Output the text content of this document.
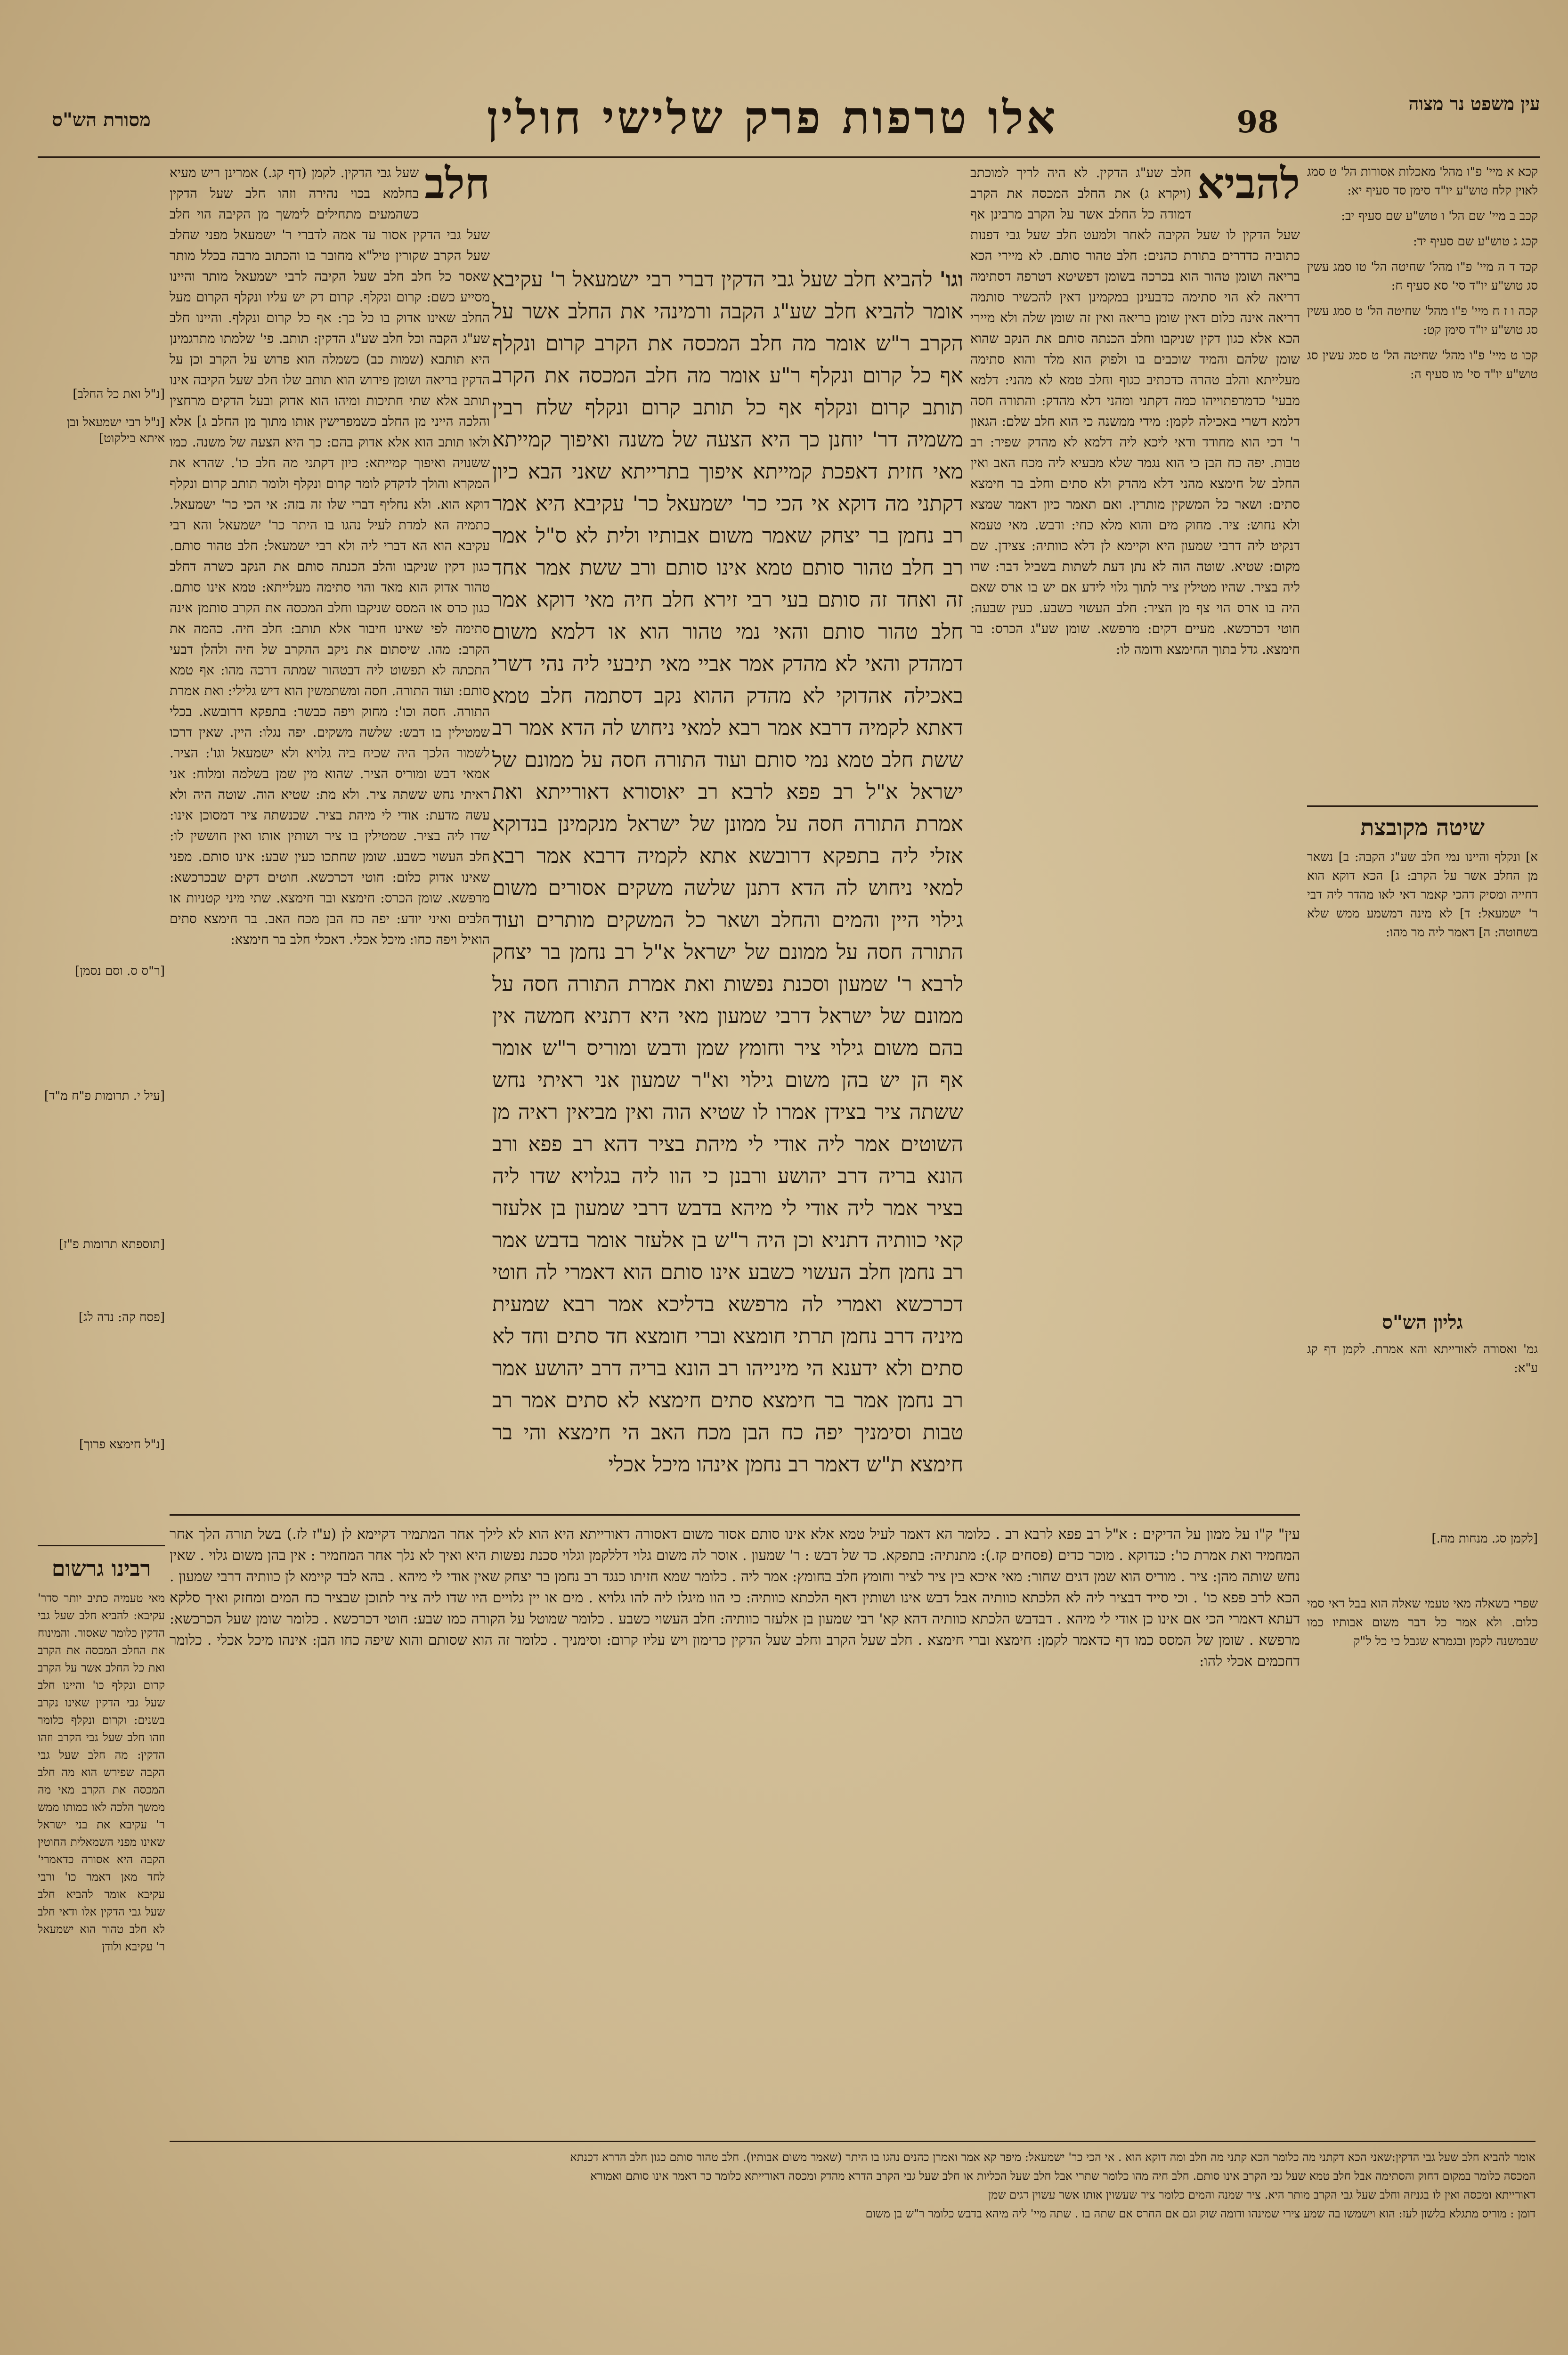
98
אלו טרפות פרק שלישי חולין
מסורת הש"ס
עין משפט נר מצוה
קכא א מיי' פ"ו מהל' מאכלות אסורות הל' ט סמג לאוין קלח טוש"ע יו"ד סימן סד סעיף יא:
קכב ב מיי' שם הל' ו טוש"ע שם סעיף יב:
קכג ג טוש"ע שם סעיף יד:
קכד ד ה מיי' פ"ו מהל' שחיטה הל' טו סמג עשין סג טוש"ע יו"ד סי' סא סעיף ח:
קכה ו ז ח מיי' פ"ו מהל' שחיטה הל' ט סמג עשין סג טוש"ע יו"ד סימן קט:
קכו ט מיי' פ"ו מהל' שחיטה הל' ט סמג עשין סג טוש"ע יו"ד סי' מו סעיף ה:
שיטה מקובצת
א] ונקלף והיינו נמי חלב שע"ג הקבה: ב] נשאר מן החלב אשר על הקרב: ג] הכא דוקא הוא דחייה ומסיק דהכי קאמר דאי לאו מהדר ליה דבי ר' ישמעאל: ד] לא מינה דמשמע ממש שלא בשחוטה: ה] דאמר ליה מר מהו:
גליון הש"ס
גמ' ואסורה לאורייתא והא אמרת. לקמן דף קג ע"א:
שפרי בשאלה מאי טעמי שאלה הוא בבל דאי סמי כלום. ולא אמר כל דבר משום אבותיו כמו שבמשנה לקמן ובגמרא שגבל כי כל ל"ק
להביא
חלב שע"ג הדקין. לא היה לריך למוכתב (ויקרא ג) את החלב המכסה את הקרב דמודה כל החלב אשר על הקרב מרבינן אף שעל הדקין לו שעל הקיבה לאחר ולמעט חלב שעל גבי דפנות כתוביה כדדרים בתורת כהנים: חלב טהור סותם. לא מיירי הכא בריאה ושומן טהור הוא בכרכה בשומן דפשיטא דטרפה דסתימה דריאה לא הוי סתימה כדבעינן במקמינן דאין להכשיר סותמה דריאה אינה כלום דאין שומן בריאה ואין זה שומן שלה ולא מיירי הכא אלא כגון דקין שניקבו וחלב הכנתה סותם את הנקב שהוא שומן שלהם והמיד שוכבים בו ולפוק הוא מלד והוא סתימה מעלייתא והלב טהרה כדכתיב כגוף וחלב טמא לא מהני: דלמא מבעי' כדמרפתוייהו כמה דקתני ומהני דלא מהדק: והתורה חסה דלמא דשרי באכילה לקמן: מידי ממשנה כי הוא חלב שלם: הגאון ר' דכי הוא מחודד ודאי ליכא ליה דלמא לא מהדק שפיר: רב טבות. יפה כח הבן כי הוא נגמר שלא מבעיא ליה מכח האב ואין החלב של חימצא מהני דלא מהדק ולא סתים וחלב בר חימצא סתים: ושאר כל המשקין מותרין. ואם תאמר כיון דאמר שמצא ולא נחוש: ציר. מחוק מים והוא מלא כחי: ודבש. מאי טעמא דנקיט ליה דרבי שמעון היא וקיימא לן דלא כוותיה: צצידן. שם מקום: שטיא. שוטה הוה לא נתן דעת לשתות בשביל דבר: שדו ליה בציר. שהיו מטילין ציר לתוך גלוי לידע אם יש בו ארס שאם היה בו ארס הוי צף מן הציר: חלב העשוי כשבע. כעין שבעה: חוטי דכרכשא. מעיים דקים: מרפשא. שומן שע"ג הכרס: בר חימצא. גדל בתוך החימצא ודומה לו:
וגו' להביא חלב שעל גבי הדקין דברי רבי ישמעאל ר' עקיבא אומר להביא חלב שע"ג הקבה ורמינהי את החלב אשר על הקרב ר"ש אומר מה חלב המכסה את הקרב קרום ונקלף אף כל קרום ונקלף ר"ע אומר מה חלב המכסה את הקרב תותב קרום ונקלף אף כל תותב קרום ונקלף שלח רבין משמיה דר' יוחנן כך היא הצעה של משנה ואיפוך קמייתא מאי חזית דאפכת קמייתא איפוך בתרייתא שאני הבא כיון דקתני מה דוקא אי הכי כר' ישמעאל כר' עקיבא היא אמר רב נחמן בר יצחק שאמר משום אבותיו ולית לא ס"ל אמר רב חלב טהור סותם טמא אינו סותם ורב ששת אמר אחד זה ואחד זה סותם בעי רבי זירא חלב חיה מאי דוקא אמר חלב טהור סותם והאי נמי טהור הוא או דלמא משום דמהדק והאי לא מהדק אמר אביי מאי תיבעי ליה נהי דשרי באכילה אהדוקי לא מהדק ההוא נקב דסתמה חלב טמא דאתא לקמיה דרבא אמר רבא למאי ניחוש לה הדא אמר רב ששת חלב טמא נמי סותם ועוד התורה חסה על ממונם של ישראל א"ל רב פפא לרבא רב יאוסורא דאורייתא ואת אמרת התורה חסה על ממונן של ישראל מנקמינן בנדוקא אזלי ליה בתפקא דרובשא אתא לקמיה דרבא אמר רבא למאי ניחוש לה הדא דתנן שלשה משקים אסורים משום גילוי היין והמים והחלב ושאר כל המשקים מותרים ועוד התורה חסה על ממונם של ישראל א"ל רב נחמן בר יצחק לרבא ר' שמעון וסכנת נפשות ואת אמרת התורה חסה על ממונם של ישראל דרבי שמעון מאי היא דתניא חמשה אין בהם משום גילוי ציר וחומץ שמן ודבש ומוריס ר"ש אומר אף הן יש בהן משום גילוי וא"ר שמעון אני ראיתי נחש ששתה ציר בצידן אמרו לו שטיא הוה ואין מביאין ראיה מן השוטים אמר ליה אודי לי מיהת בציר דהא רב פפא ורב הונא בריה דרב יהושע ורבנן כי הוו ליה בגלויא שדו ליה בציר אמר ליה אודי לי מיהא בדבש דרבי שמעון בן אלעזר קאי כוותיה דתניא וכן היה ר"ש בן אלעזר אומר בדבש אמר רב נחמן חלב העשוי כשבע אינו סותם הוא דאמרי לה חוטי דכרכשא ואמרי לה מרפשא בדליכא אמר רבא שמעית מיניה דרב נחמן תרתי חומצא וברי חומצא חד סתים וחד לא סתים ולא ידענא הי מינייהו רב הונא בריה דרב יהושע אמר רב נחמן אמר בר חימצא סתים חימצא לא סתים אמר רב טבות וסימניך יפה כח הבן מכח האב הי חימצא והי בר חימצא ת"ש דאמר רב נחמן אינהו מיכל אכלי
חלב
שעל גבי הדקין. לקמן (דף קג.) אמרינן ריש מעיא בחלמא בכוי נהירה וזהו חלב שעל הדקין כשהמעים מתחילים לימשך מן הקיבה הוי חלב שעל גבי הדקין אסור עד אמה לדברי ר' ישמעאל מפני שחלב שעל הקרב שקורין טיל"א מחובר בו והכתוב מרבה בכלל מותר שאסר כל חלב חלב שעל הקיבה לרבי ישמעאל מותר והיינו מסייע כשם: קרום ונקלף. קרום דק יש עליו ונקלף הקרום מעל החלב שאינו אדוק בו כל כך: אף כל קרום ונקלף. והיינו חלב שע"ג הקבה וכל חלב שע"ג הדקין: תותב. פי' שלמתו מתרגמינן היא תותבא (שמות כב) כשמלה הוא פרוש על הקרב וכן על הדקין בריאה ושומן פירוש הוא תותב שלו חלב שעל הקיבה אינו תותב אלא שתי חתיכות ומיהו הוא אדוק ובעל הדקים מרחצין והלכה הייני מן החלב כשמפרישין אותו מתוך מן החלב ג] אלא ולאו תותב הוא אלא אדוק בהם: כך היא הצעה של משנה. כמו ששנויה ואיפוך קמייתא: כיון דקתני מה חלב כו'. שהרא את המקרא והולך לדקדק לומר קרום ונקלף ולומר תותב קרום ונקלף דוקא הוא. ולא נחליף דברי שלו זה בזה: אי הכי כר' ישמעאל. כתמיה הא למדת לעיל נהגו בו היתר כר' ישמעאל והא רבי עקיבא הוא הא דברי ליה ולא רבי ישמעאל: חלב טהור סותם. כגון דקין שניקבו והלב הכנתה סותם את הנקב כשרה דחלב טהור אדוק הוא מאד והוי סתימה מעלייתא: טמא אינו סותם. כגון כרס או המסס שניקבו וחלב המכסה את הקרב סותמן אינה סתימה לפי שאינו חיבור אלא תותב: חלב חיה. כהמה את הקרב: מהו. שיסתום את ניקב ההקרב של חיה ולהלן דבעי התכתה לא תפשוט ליה דבטהור שמתה דרכה מהו: אף טמא סותם: ועוד התורה. חסה ומשתמשין הוא דיש גלילי: ואת אמרת התורה. חסה וכו': מחוק ויפה כבשר: בתפקא דרובשא. בכלי שמטילין בו דבש: שלשה משקים. יפה נגלו: היין. שאין דרכו לשמור הלכך היה שכיח ביה גלויא ולא ישמעאל וגו': הציר. אמאי דבש ומוריס הציר. שהוא מין שמן בשלמה ומלוח: אני ראיתי נחש ששתה ציר. ולא מת: שטיא הוה. שוטה היה ולא עשה מדעת: אודי לי מיהת בציר. שכנשתה ציר דמסוכן אינו: שדו ליה בציר. שמטילין בו ציר ושותין אותו ואין חוששין לו: חלב העשוי כשבע. שומן שחתכו כעין שבע: אינו סותם. מפני שאינו אדוק כלום: חוטי דכרכשא. חוטים דקים שבכרכשא: מרפשא. שומן הכרס: חימצא ובר חימצא. שתי מיני קטניות או חלבים ואיני יודע: יפה כח הבן מכח האב. בר חימצא סתים הואיל ויפה כחו: מיכל אכלי. דאכלי חלב בר חימצא:
[נ"ל ואת כל החלב]
[נ"ל רבי ישמעאל ובן איתא בילקוט]
[ר"ס ס. וסם נסמן]
[עיל י. תרומות פ"ח מ"ד]
[תוספתא תרומות פ"ז]
[פסח קה: נדה לג]
[נ"ל חימצא פרוך]
[לקמן סג. מנחות מח.]
רבינו גרשום
מאי טעמיה כתיב יותר סדר' עקיבא: להביא חלב שעל גבי הדקין כלומר שאסור. והמינוח את החלב המכסה את הקרב ואת כל החלב אשר על הקרב קרום ונקלף כו' והיינו חלב שעל גבי הדקין שאינו נקרב בשנים: וקרום ונקלף כלומר וזהו חלב שעל גבי הקרב וזהו הדקין: מה חלב שעל גבי הקבה שפירש הוא מה חלב המכסה את הקרב מאי מה ממשך הלכה לאו כמותו ממש ר' עקיבא את בני ישראל שאינו מפני השמאלית החוטין הקבה היא אסורה כדאמרי' לחד מאן דאמר כו' ורבי עקיבא אומר להביא חלב שעל גבי הדקין אלו ודאי חלב לא חלב טהור הוא ישמעאל ר' עקיבא ולודן
עין" ק"ו על ממון על הדיקים : א"ל רב פפא לרבא רב . כלומר הא דאמר לעיל טמא אלא אינו סותם אסור משום דאסורה דאורייתא היא הוא לא לילך אחר המתמיר דקיימא לן (ע"ז לז.) בשל תורה הלך אחר המחמיר ואת אמרת כו': כנדוקא . מוכר כדים (פסחים קז.): מתנתיה: בתפקא. כד של דבש : ר' שמעון . אוסר לה משום גלוי דללקמן וגלוי סכנת נפשות היא ואיך לא נלך אחר המחמיר : אין בהן משום גלוי . שאין נחש שותה מהן: ציר . מוריס הוא שמן דגים שחור: מאי איכא בין ציר לציר וחומץ חלב בחומץ: אמר ליה . כלומר שמא חזיתו כנגד רב נחמן בר יצחק שאין אודי לי מיהא . בהא לבד קיימא לן כוותיה דרבי שמעון . הכא לרב פפא כו' . וכי סייד דבציר ליה לא הלכתא כוותיה אבל דבש אינו ושותין דאף הלכתא כוותיה: כי הוו מיגלו ליה להו גלויא . מים או יין גלויים היו שדו ליה ציר לתוכן שבציר כח המים ומחזק ואיך סלקא דעתא דאמרי הכי אם אינו כן אודי לי מיהא . דבדבש הלכתא כוותיה דהא קא' רבי שמעון בן אלעזר כוותיה: חלב העשוי כשבע . כלומר שמוטל על הקורה כמו שבע: חוטי דכרכשא . כלומר שומן שעל הכרכשא: מרפשא . שומן של המסס כמו דף כדאמר לקמן: חימצא וברי חימצא . חלב שעל הקרב וחלב שעל הדקין כרימון ויש עליו קרום: וסימניך . כלומר זה הוא שסותם והוא שיפה כחו הבן: אינהו מיכל אכלי . כלומר דחכמים אכלי להו:
אומר להביא חלב שעל גבי הדקין:שאני הכא דקתני מה כלומר הכא קתני מה חלב ומה דוקא הוא . אי הכי כר' ישמעאל: מיפר קא אמר ואמרן כהנים נהגו בו היתר (שאמר משום אבותיו). חלב טהור סותם כגון חלב הדרא דכנתא
המכסה כלומר במקום דחוק והסתימה אבל חלב טמא שעל גבי הקרב אינו סותם. חלב חיה מהו כלומר שתרי אבל חלב שעל הכליות או חלב שעל גבי הקרב הדרא מהדק ומכסה דאורייתא כלומר כר דאמר אינו סותם ואמורא
דאורייתא ומכסה ואין לו בגניזה וחלב שעל גבי הקרב מותר היא. ציר שמנה והמים כלומר ציר שעשוין אותו אשר עשוין דגים שמן
דומן : מוריס מתגלא בלשון לעז: הוא וישמשו בה שמע צירי שמינהו ודומה שוק וגם אם החרס אם שתה בו . שתה מיי' ליה מיהא בדבש כלומר ר"ש בן משום
